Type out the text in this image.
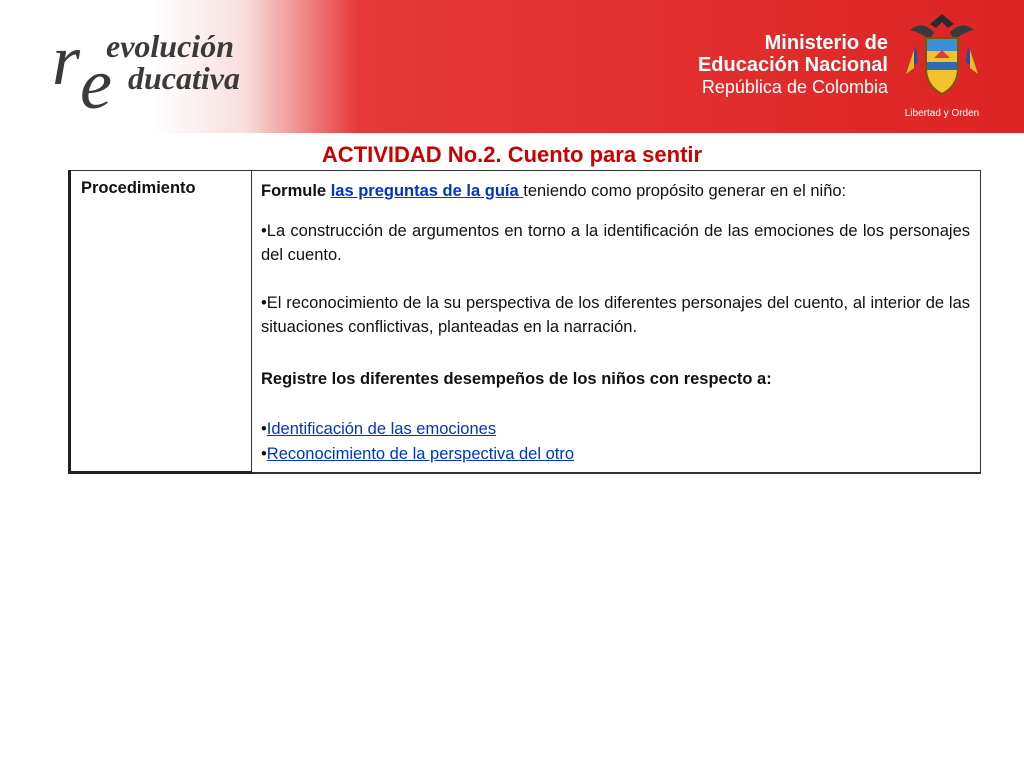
r evolución
e ducativa
Ministerio de
Educación Nacional
República de Colombia
Libertad y Orden
ACTIVIDAD No.2. Cuento para sentir
Procedimiento	Formule las preguntas de la guía teniendo como propósito generar en el niño:

•La construcción de argumentos en torno a la identificación de las emociones de los personajes del cuento.

•El reconocimiento de la su perspectiva de los diferentes personajes del cuento, al interior de las situaciones conflictivas, planteadas en la narración.

Registre los diferentes desempeños de los niños con respecto a:

•Identificación de las emociones

•Reconocimiento de la perspectiva del otro
